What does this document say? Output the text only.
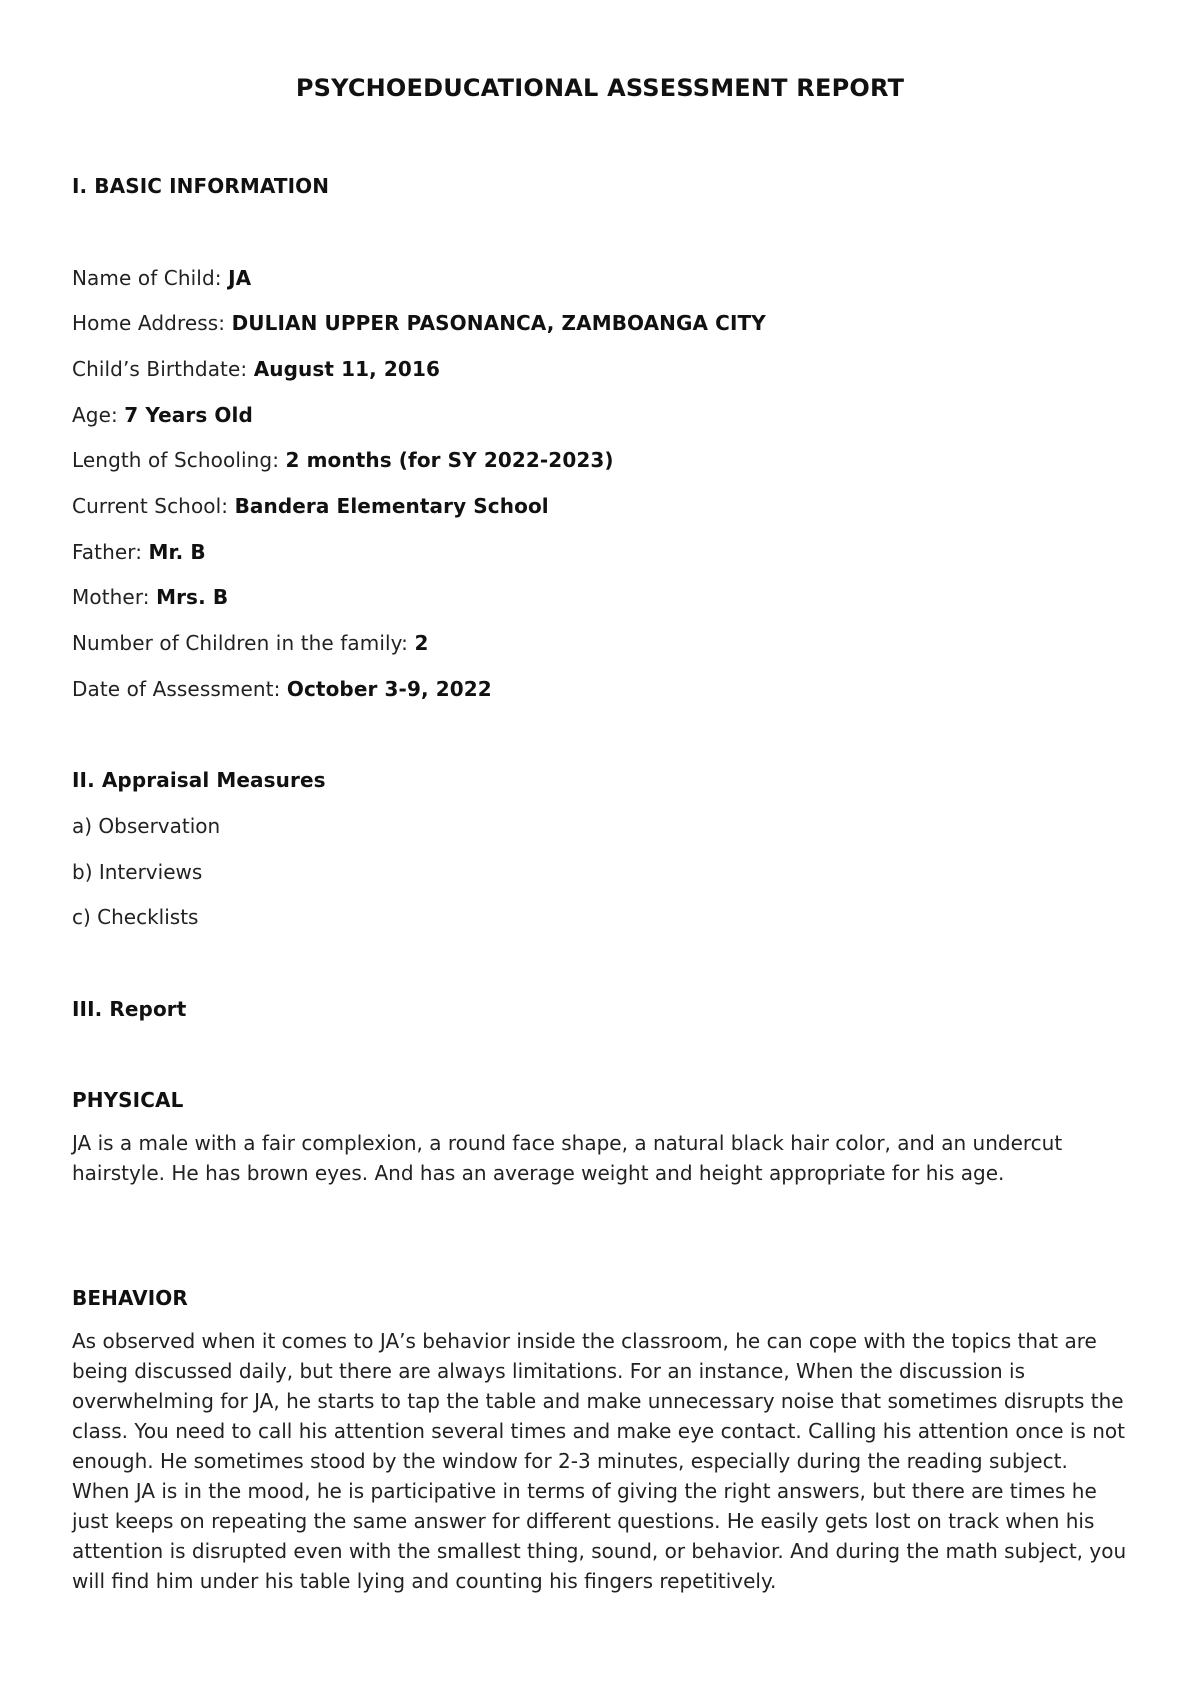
PSYCHOEDUCATIONAL ASSESSMENT REPORT
I. BASIC INFORMATION
Name of Child: JA
Home Address: DULIAN UPPER PASONANCA, ZAMBOANGA CITY
Child’s Birthdate: August 11, 2016
Age: 7 Years Old
Length of Schooling: 2 months (for SY 2022-2023)
Current School: Bandera Elementary School
Father: Mr. B
Mother: Mrs. B
Number of Children in the family: 2
Date of Assessment: October 3-9, 2022
II. Appraisal Measures
a) Observation
b) Interviews
c) Checklists
III. Report
PHYSICAL

JA is a male with a fair complexion, a round face shape, a natural black hair color, and an undercut hairstyle. He has brown eyes. And has an average weight and height appropriate for his age.

BEHAVIOR

As observed when it comes to JA’s behavior inside the classroom, he can cope with the topics that are being discussed daily, but there are always limitations. For an instance, When the discussion is overwhelming for JA, he starts to tap the table and make unnecessary noise that sometimes disrupts the class. You need to call his attention several times and make eye contact. Calling his attention once is not enough. He sometimes stood by the window for 2-3 minutes, especially during the reading subject. When JA is in the mood, he is participative in terms of giving the right answers, but there are times he just keeps on repeating the same answer for different questions. He easily gets lost on track when his attention is disrupted even with the smallest thing, sound, or behavior. And during the math subject, you will find him under his table lying and counting his fingers repetitively.
